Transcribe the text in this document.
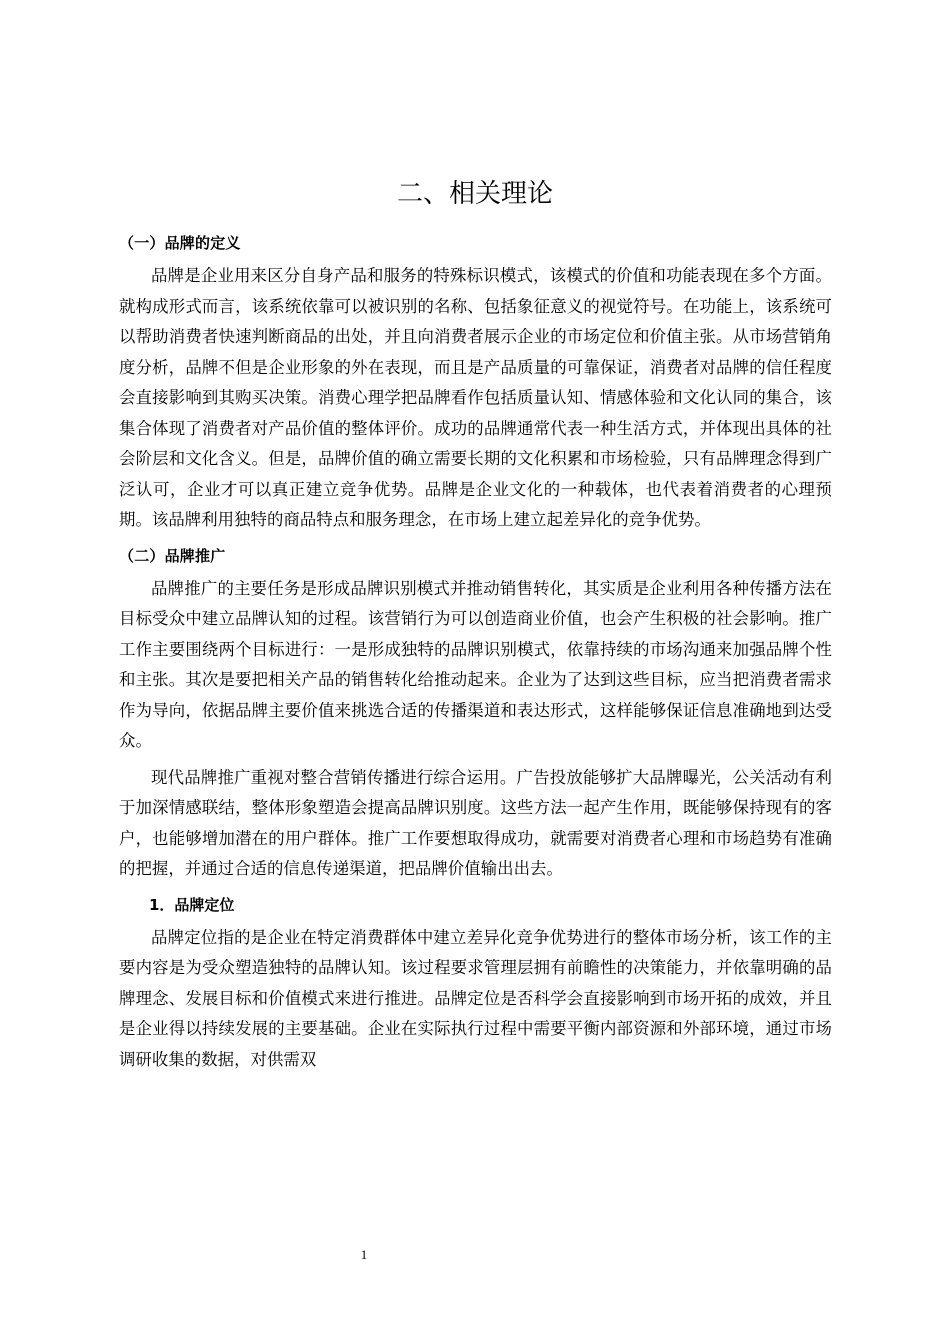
二、相关理论
（一）品牌的定义

品牌是企业用来区分自身产品和服务的特殊标识模式，该模式的价值和功能表现在多个方面。就构成形式而言，该系统依靠可以被识别的名称、包括象征意义的视觉符号。在功能上，该系统可以帮助消费者快速判断商品的出处，并且向消费者展示企业的市场定位和价值主张。从市场营销角度分析，品牌不但是企业形象的外在表现，而且是产品质量的可靠保证，消费者对品牌的信任程度会直接影响到其购买决策。消费心理学把品牌看作包括质量认知、情感体验和文化认同的集合，该集合体现了消费者对产品价值的整体评价。成功的品牌通常代表一种生活方式，并体现出具体的社会阶层和文化含义。但是，品牌价值的确立需要长期的文化积累和市场检验，只有品牌理念得到广泛认可，企业才可以真正建立竞争优势。品牌是企业文化的一种载体，也代表着消费者的心理预期。该品牌利用独特的商品特点和服务理念，在市场上建立起差异化的竞争优势。

（二）品牌推广

品牌推广的主要任务是形成品牌识别模式并推动销售转化，其实质是企业利用各种传播方法在目标受众中建立品牌认知的过程。该营销行为可以创造商业价值，也会产生积极的社会影响。推广工作主要围绕两个目标进行：一是形成独特的品牌识别模式，依靠持续的市场沟通来加强品牌个性和主张。其次是要把相关产品的销售转化给推动起来。企业为了达到这些目标，应当把消费者需求作为导向，依据品牌主要价值来挑选合适的传播渠道和表达形式，这样能够保证信息准确地到达受众。

现代品牌推广重视对整合营销传播进行综合运用。广告投放能够扩大品牌曝光，公关活动有利于加深情感联结，整体形象塑造会提高品牌识别度。这些方法一起产生作用，既能够保持现有的客户，也能够增加潜在的用户群体。推广工作要想取得成功，就需要对消费者心理和市场趋势有准确的把握，并通过合适的信息传递渠道，把品牌价值输出出去。

1．品牌定位

品牌定位指的是企业在特定消费群体中建立差异化竞争优势进行的整体市场分析，该工作的主要内容是为受众塑造独特的品牌认知。该过程要求管理层拥有前瞻性的决策能力，并依靠明确的品牌理念、发展目标和价值模式来进行推进。品牌定位是否科学会直接影响到市场开拓的成效，并且是企业得以持续发展的主要基础。企业在实际执行过程中需要平衡内部资源和外部环境，通过市场调研收集的数据，对供需双

1
